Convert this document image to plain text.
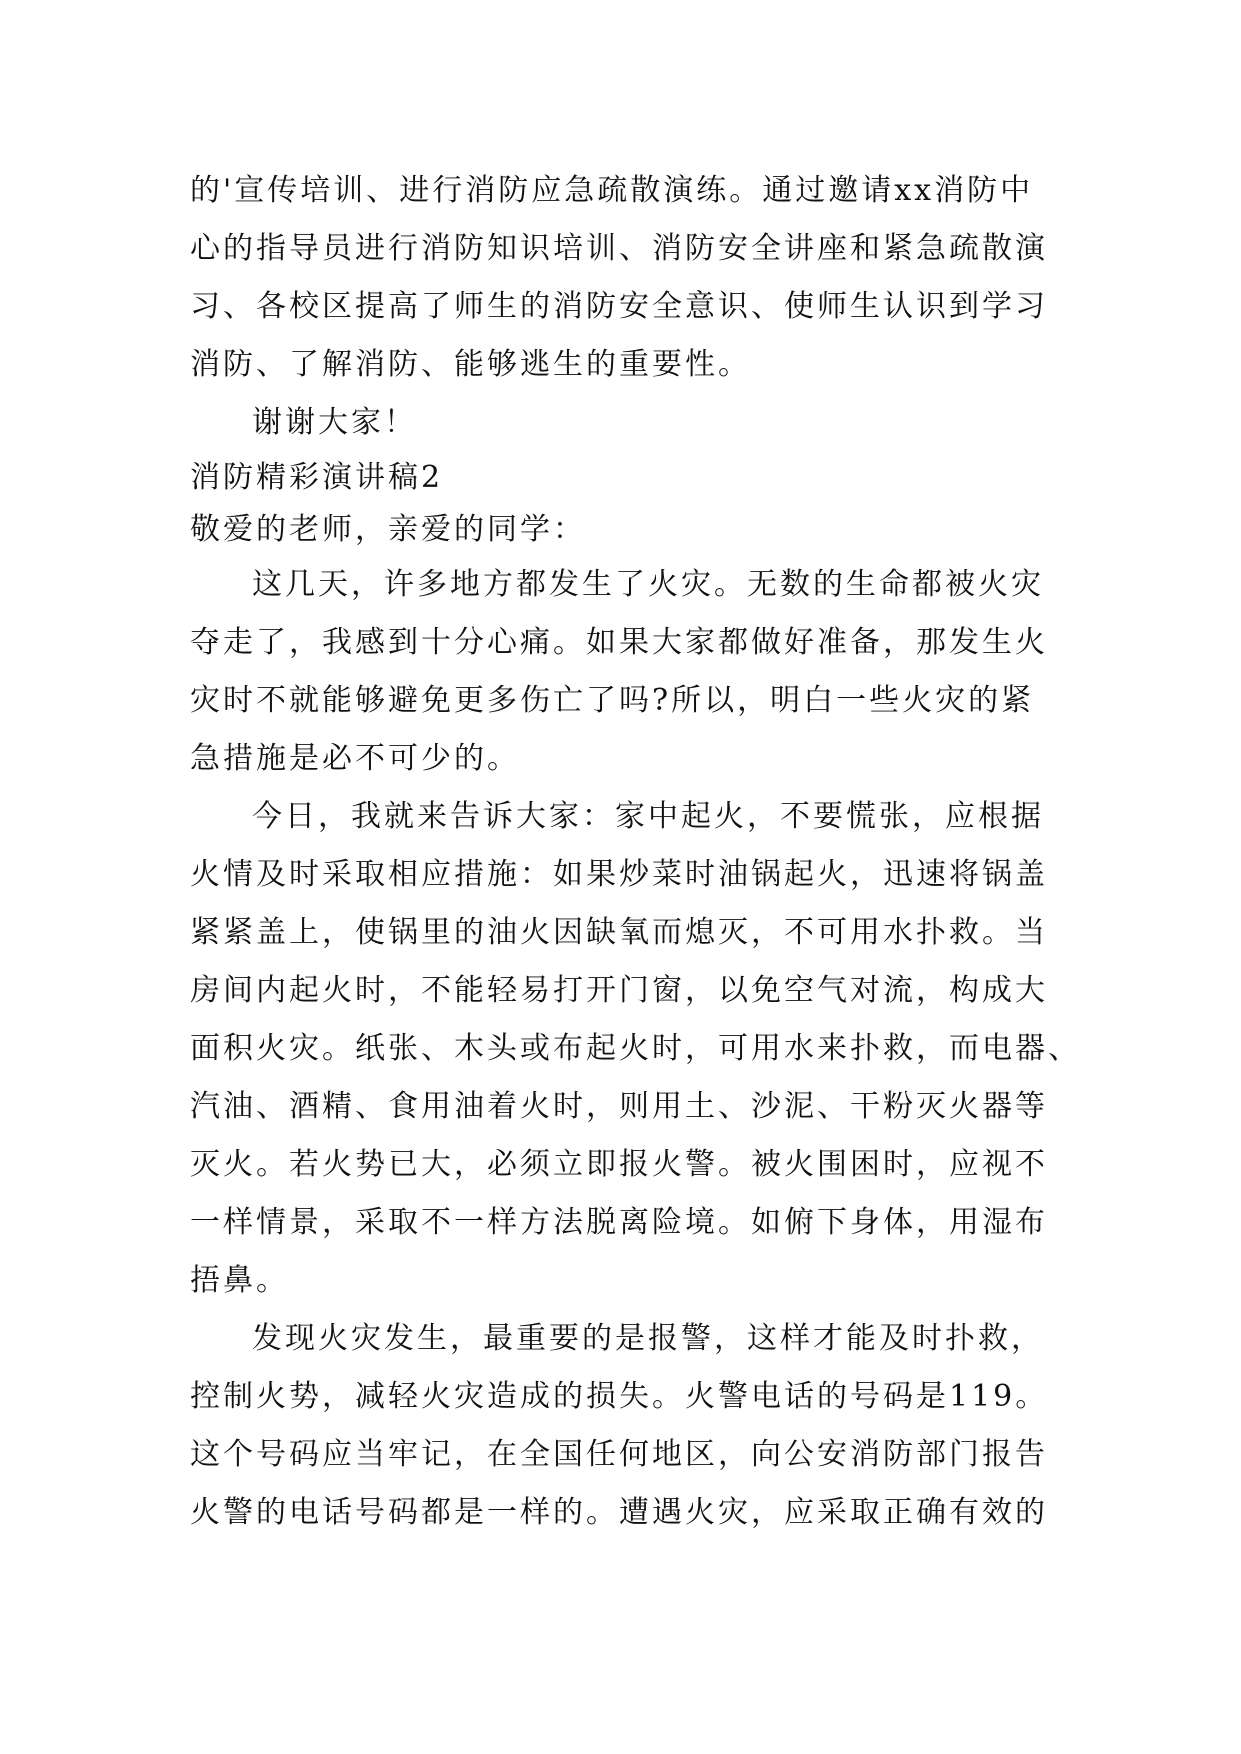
的'宣传培训、进行消防应急疏散演练。通过邀请xx消防中
心的指导员进行消防知识培训、消防安全讲座和紧急疏散演
习、各校区提高了师生的消防安全意识、使师生认识到学习
消防、了解消防、能够逃生的重要性。
谢谢大家！
消防精彩演讲稿2
敬爱的老师，亲爱的同学：
这几天，许多地方都发生了火灾。无数的生命都被火灾
夺走了，我感到十分心痛。如果大家都做好准备，那发生火
灾时不就能够避免更多伤亡了吗?所以，明白一些火灾的紧
急措施是必不可少的。
今日，我就来告诉大家：家中起火，不要慌张，应根据
火情及时采取相应措施：如果炒菜时油锅起火，迅速将锅盖
紧紧盖上，使锅里的油火因缺氧而熄灭，不可用水扑救。当
房间内起火时，不能轻易打开门窗，以免空气对流，构成大
面积火灾。纸张、木头或布起火时，可用水来扑救，而电器、
汽油、酒精、食用油着火时，则用土、沙泥、干粉灭火器等
灭火。若火势已大，必须立即报火警。被火围困时，应视不
一样情景，采取不一样方法脱离险境。如俯下身体，用湿布
捂鼻。
发现火灾发生，最重要的是报警，这样才能及时扑救，
控制火势，减轻火灾造成的损失。火警电话的号码是119。
这个号码应当牢记，在全国任何地区，向公安消防部门报告
火警的电话号码都是一样的。遭遇火灾，应采取正确有效的
